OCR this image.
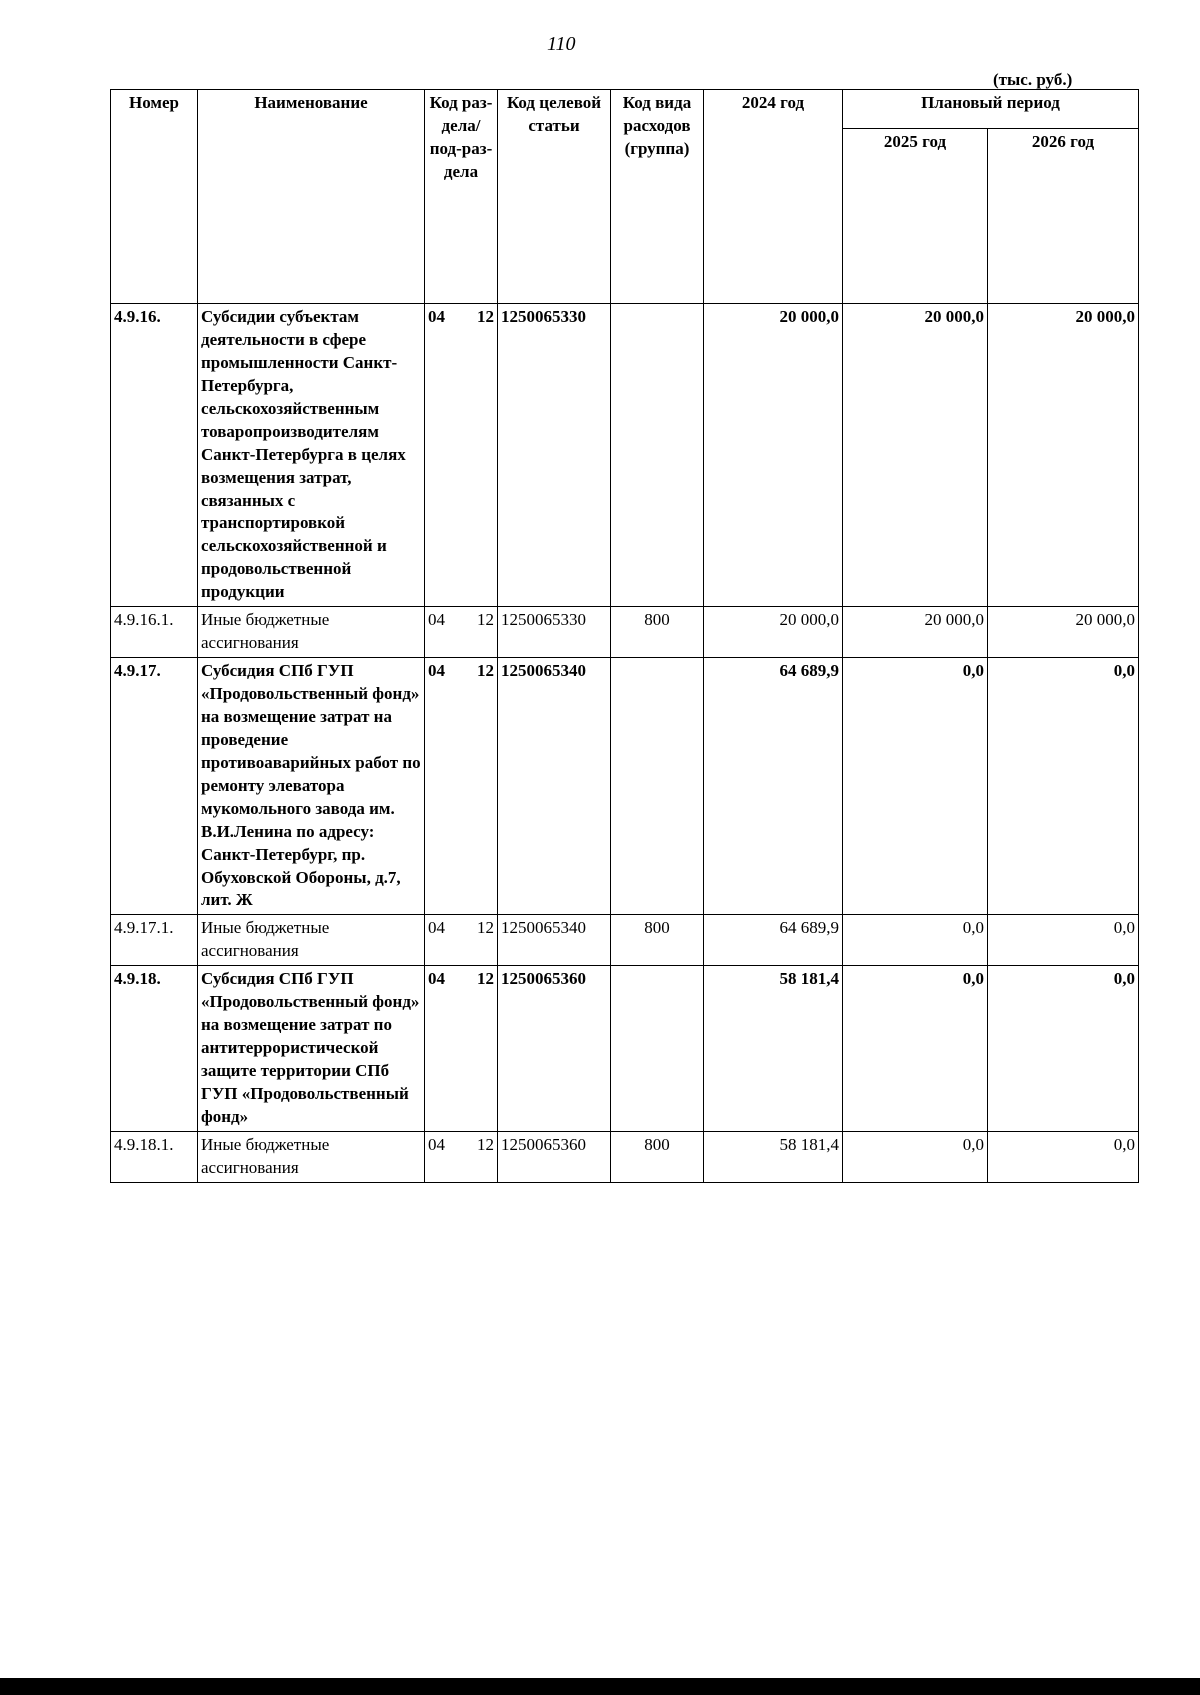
110
(тыс. руб.)
Номер	Наименование	Код раз-дела/ под-раз-дела	Код целевой статьи	Код вида расходов (группа)	2024 год	Плановый период	
						2025 год	2026 год
4.9.16.	Субсидии субъектам деятельности в сфере промышленности Санкт-Петербурга, сельскохозяйственным товаропроизводителям Санкт-Петербурга в целях возмещения затрат, связанных с транспортировкой сельскохозяйственной и продовольственной продукции	04 12	1250065330		20 000,0	20 000,0	20 000,0
4.9.16.1.	Иные бюджетные ассигнования	04 12	1250065330	800	20 000,0	20 000,0	20 000,0
4.9.17.	Субсидия СПб ГУП «Продовольственный фонд» на возмещение затрат на проведение противоаварийных работ по ремонту элеватора мукомольного завода им. В.И.Ленина по адресу: Санкт-Петербург, пр. Обуховской Обороны, д.7, лит. Ж	04 12	1250065340		64 689,9	0,0	0,0
4.9.17.1.	Иные бюджетные ассигнования	04 12	1250065340	800	64 689,9	0,0	0,0
4.9.18.	Субсидия СПб ГУП «Продовольственный фонд» на возмещение затрат по антитеррористической защите территории СПб ГУП «Продовольственный фонд»	04 12	1250065360		58 181,4	0,0	0,0
4.9.18.1.	Иные бюджетные ассигнования	04 12	1250065360	800	58 181,4	0,0	0,0
